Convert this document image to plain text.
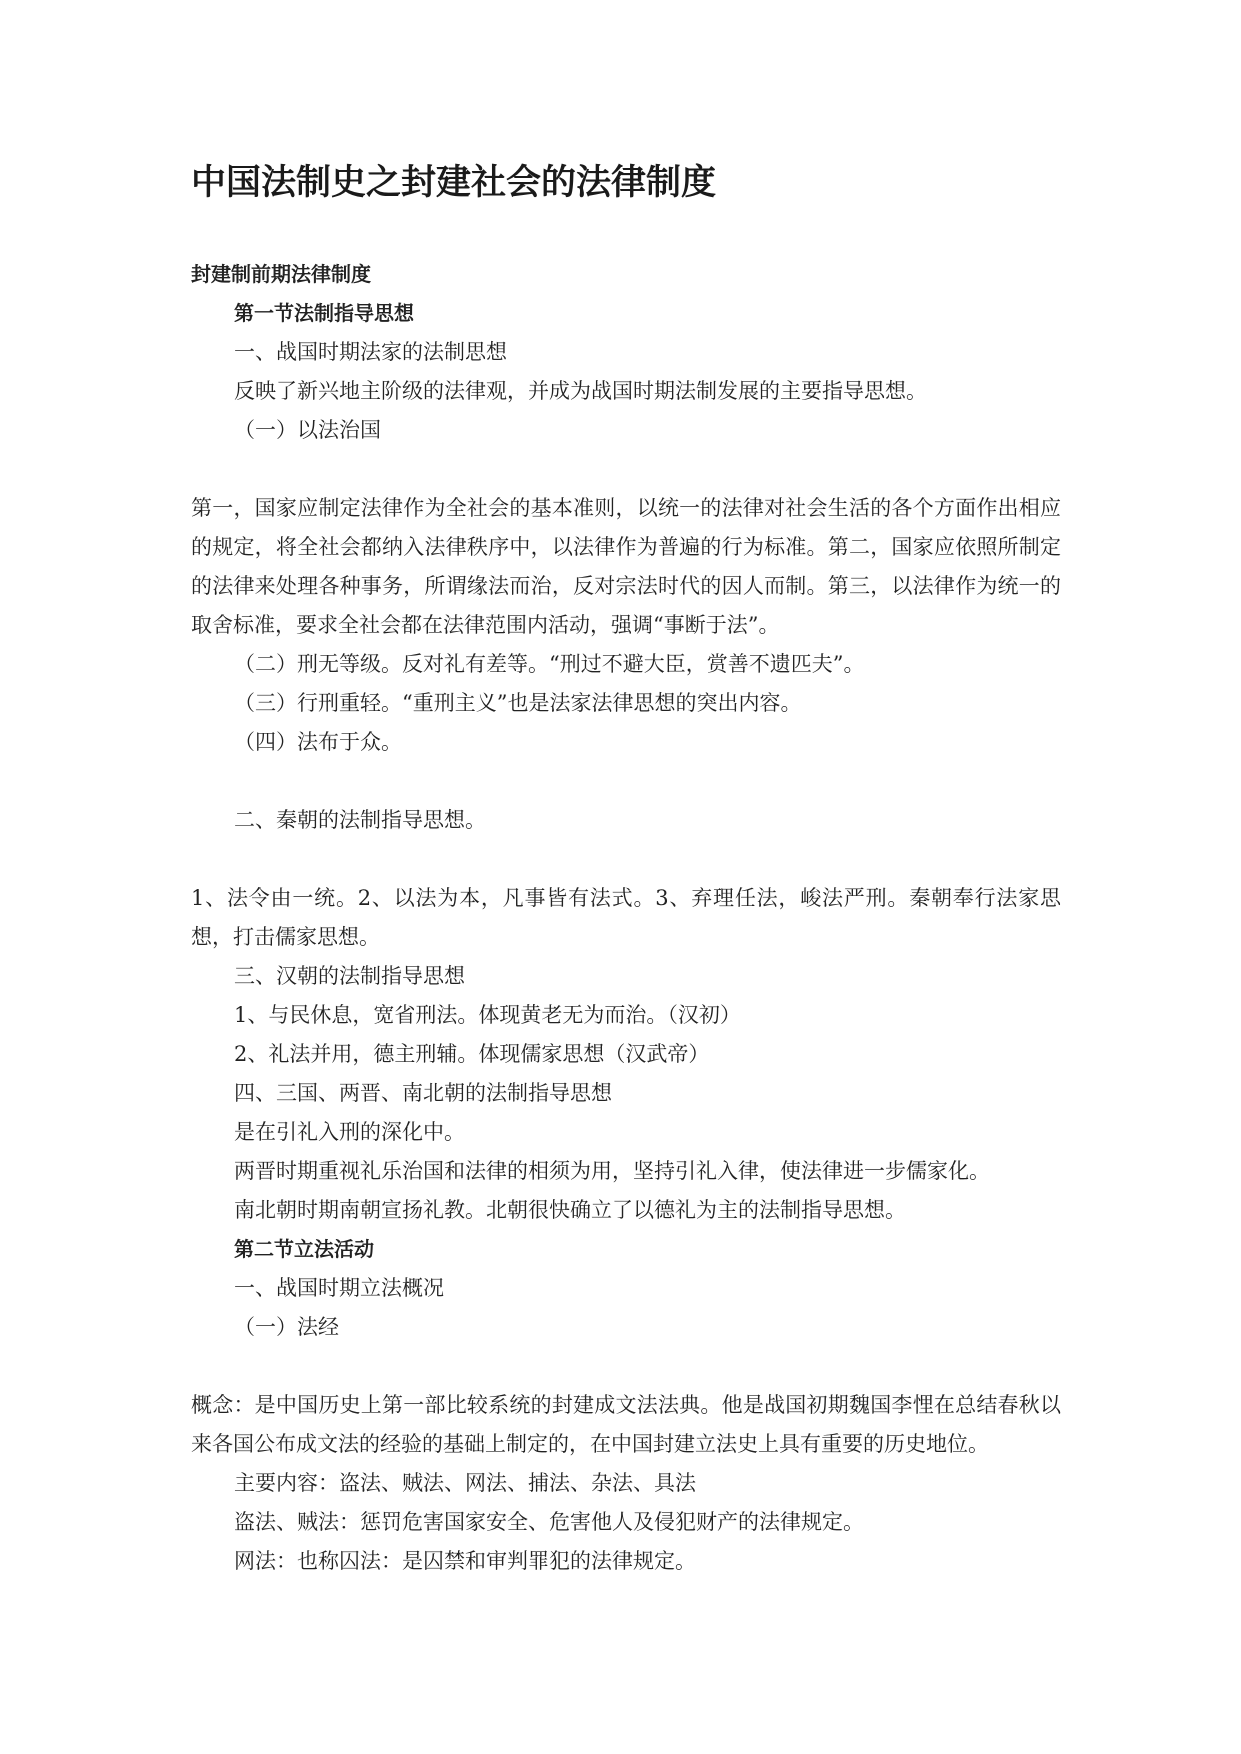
中国法制史之封建社会的法律制度

封建制前期法律制度

第一节法制指导思想

一、战国时期法家的法制思想

反映了新兴地主阶级的法律观，并成为战国时期法制发展的主要指导思想。

（一）以法治国

第一，国家应制定法律作为全社会的基本准则，以统一的法律对社会生活的各个方面作出相应的规定，将全社会都纳入法律秩序中，以法律作为普遍的行为标准。第二，国家应依照所制定的法律来处理各种事务，所谓缘法而治，反对宗法时代的因人而制。第三，以法律作为统一的取舍标准，要求全社会都在法律范围内活动，强调“事断于法”。

（二）刑无等级。反对礼有差等。“刑过不避大臣，赏善不遗匹夫”。

（三）行刑重轻。“重刑主义”也是法家法律思想的突出内容。

（四）法布于众。

二、秦朝的法制指导思想。

1、法令由一统。2、以法为本，凡事皆有法式。3、弃理任法，峻法严刑。秦朝奉行法家思想，打击儒家思想。

三、汉朝的法制指导思想

1、与民休息，宽省刑法。体现黄老无为而治。（汉初）

2、礼法并用，德主刑辅。体现儒家思想（汉武帝）

四、三国、两晋、南北朝的法制指导思想

是在引礼入刑的深化中。

两晋时期重视礼乐治国和法律的相须为用，坚持引礼入律，使法律进一步儒家化。

南北朝时期南朝宣扬礼教。北朝很快确立了以德礼为主的法制指导思想。

第二节立法活动

一、战国时期立法概况

（一）法经

概念：是中国历史上第一部比较系统的封建成文法法典。他是战国初期魏国李悝在总结春秋以来各国公布成文法的经验的基础上制定的，在中国封建立法史上具有重要的历史地位。

主要内容：盗法、贼法、网法、捕法、杂法、具法

盗法、贼法：惩罚危害国家安全、危害他人及侵犯财产的法律规定。

网法：也称囚法：是囚禁和审判罪犯的法律规定。
